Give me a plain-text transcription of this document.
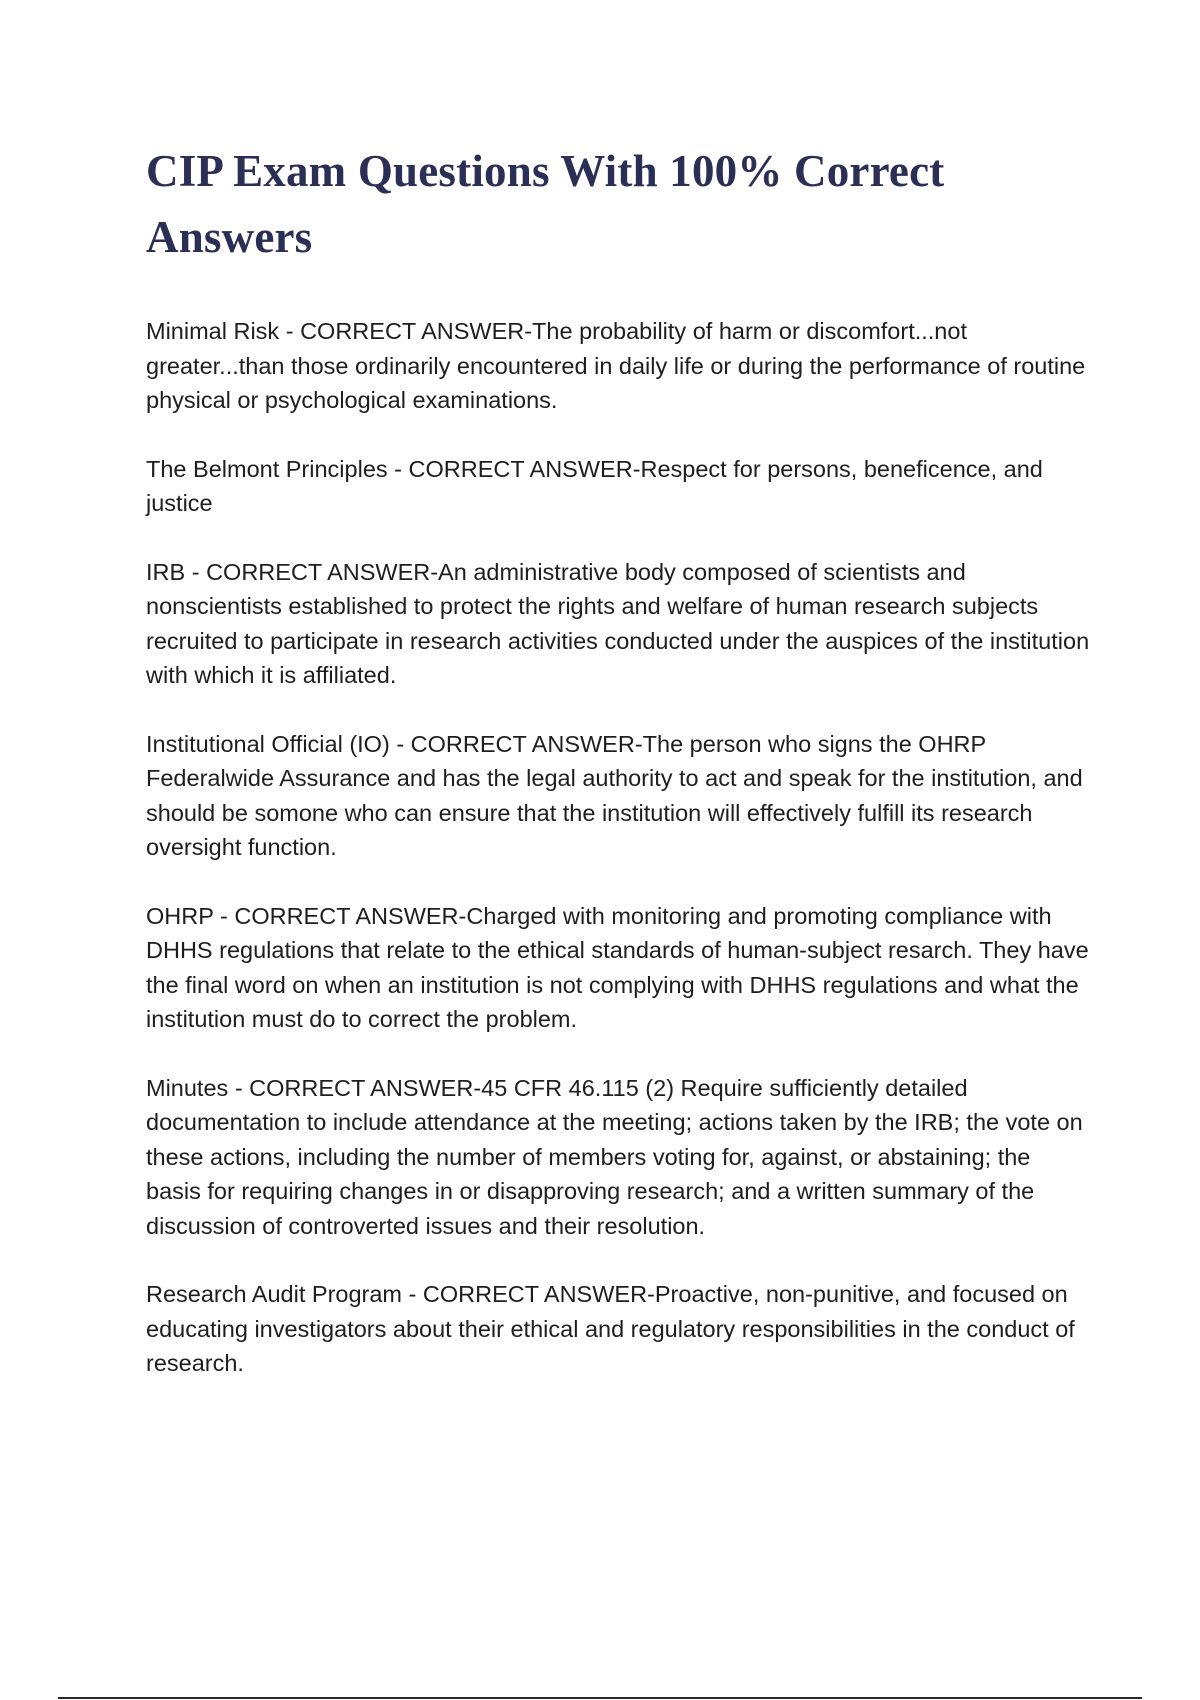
CIP Exam Questions With 100% Correct Answers

Minimal Risk - CORRECT ANSWER-The probability of harm or discomfort...not greater...than those ordinarily encountered in daily life or during the performance of routine physical or psychological examinations.

The Belmont Principles - CORRECT ANSWER-Respect for persons, beneficence, and justice

IRB - CORRECT ANSWER-An administrative body composed of scientists and nonscientists established to protect the rights and welfare of human research subjects recruited to participate in research activities conducted under the auspices of the institution with which it is affiliated.

Institutional Official (IO) - CORRECT ANSWER-The person who signs the OHRP Federalwide Assurance and has the legal authority to act and speak for the institution, and should be somone who can ensure that the institution will effectively fulfill its research oversight function.

OHRP - CORRECT ANSWER-Charged with monitoring and promoting compliance with DHHS regulations that relate to the ethical standards of human-subject resarch. They have the final word on when an institution is not complying with DHHS regulations and what the institution must do to correct the problem.

Minutes - CORRECT ANSWER-45 CFR 46.115 (2) Require sufficiently detailed documentation to include attendance at the meeting; actions taken by the IRB; the vote on these actions, including the number of members voting for, against, or abstaining; the basis for requiring changes in or disapproving research; and a written summary of the discussion of controverted issues and their resolution.

Research Audit Program - CORRECT ANSWER-Proactive, non-punitive, and focused on educating investigators about their ethical and regulatory responsibilities in the conduct of research.
